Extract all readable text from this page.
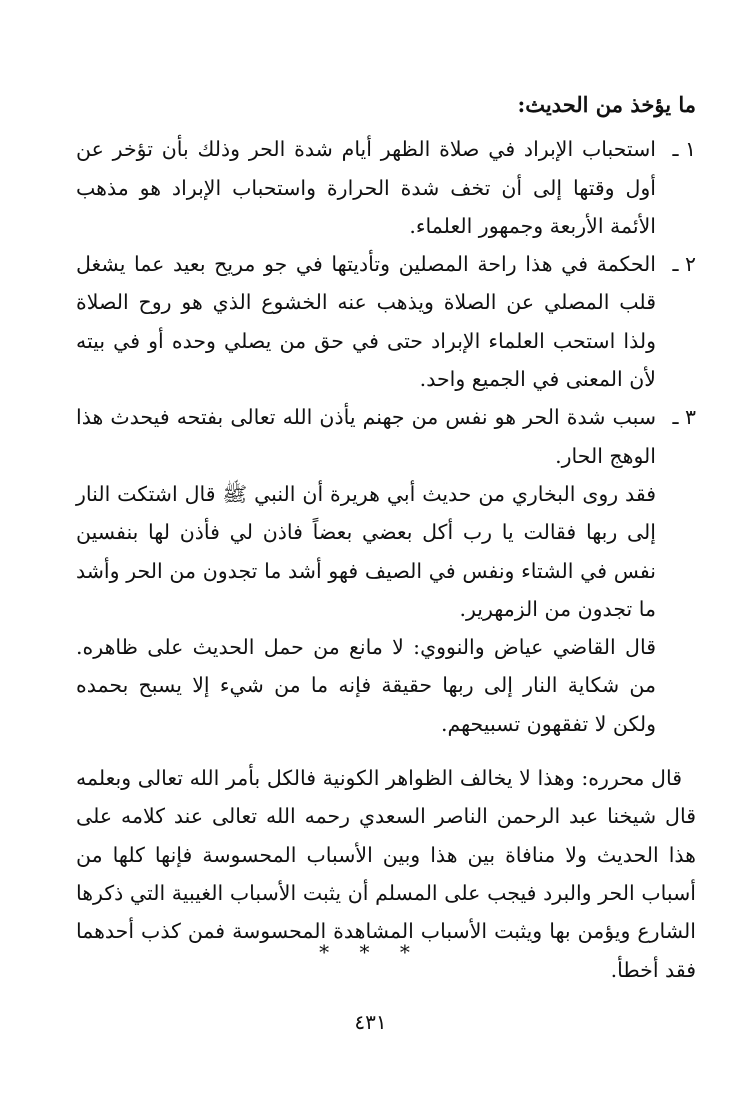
ما يؤخذ من الحديث:

١ ـ
استحباب الإبراد في صلاة الظهر أيام شدة الحر وذلك بأن تؤخر عن أول وقتها إلى أن تخف شدة الحرارة واستحباب الإبراد هو مذهب الأئمة الأربعة وجمهور العلماء.

٢ ـ
الحكمة في هذا راحة المصلين وتأديتها في جو مريح بعيد عما يشغل قلب المصلي عن الصلاة ويذهب عنه الخشوع الذي هو روح الصلاة ولذا استحب العلماء الإبراد حتى في حق من يصلي وحده أو في بيته لأن المعنى في الجميع واحد.

٣ ـ
سبب شدة الحر هو نفس من جهنم يأذن الله تعالى بفتحه فيحدث هذا الوهج الحار.

فقد روى البخاري من حديث أبي هريرة أن النبي ﷺ قال اشتكت النار إلى ربها فقالت يا رب أكل بعضي بعضاً فاذن لي فأذن لها بنفسين نفس في الشتاء ونفس في الصيف فهو أشد ما تجدون من الحر وأشد ما تجدون من الزمهرير.

قال القاضي عياض والنووي: لا مانع من حمل الحديث على ظاهره. من شكاية النار إلى ربها حقيقة فإنه ما من شيء إلا يسبح بحمده ولكن لا تفقهون تسبيحهم.

قال محرره: وهذا لا يخالف الظواهر الكونية فالكل بأمر الله تعالى وبعلمه قال شيخنا عبد الرحمن الناصر السعدي رحمه الله تعالى عند كلامه على هذا الحديث ولا منافاة بين هذا وبين الأسباب المحسوسة فإنها كلها من أسباب الحر والبرد فيجب على المسلم أن يثبت الأسباب الغيبية التي ذكرها الشارع ويؤمن بها ويثبت الأسباب المشاهدة المحسوسة فمن كذب أحدهما فقد أخطأ.

* * *
٤٣١
